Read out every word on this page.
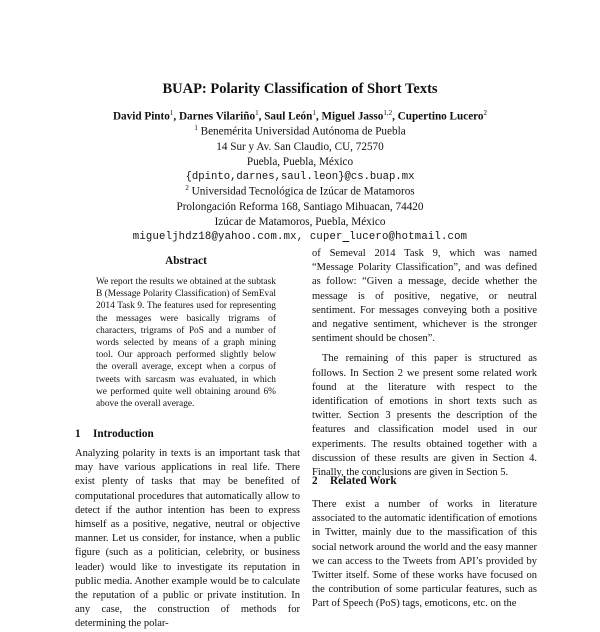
BUAP: Polarity Classification of Short Texts
David Pinto$^1$, Darnes Vilariño$^1$, Saul León$^1$, Miguel Jasso$^{1,2}$, Cupertino Lucero$^2$
$^1$ Benemérita Universidad Autónoma de Puebla
14 Sur y Av. San Claudio, CU, 72570
Puebla, Puebla, México
{dpinto,darnes,saul.leon}@cs.buap.mx
$^2$ Universidad Tecnológica de Izúcar de Matamoros
Prolongación Reforma 168, Santiago Mihuacan, 74420
Izúcar de Matamoros, Puebla, México
migueljhdz18@yahoo.com.mx, cuper lucero@hotmail.com
Abstract
We report the results we obtained at the subtask B (Message Polarity Classification) of SemEval 2014 Task 9. The features used for representing the messages were basically trigrams of characters, trigrams of PoS and a number of words selected by means of a graph mining tool. Our approach performed slightly below the overall average, except when a corpus of tweets with sarcasm was evaluated, in which we performed quite well obtaining around 6% above the overall average.
1 Introduction

Analyzing polarity in texts is an important task that may have various applications in real life. There exist plenty of tasks that may be benefited of computational procedures that automatically allow to detect if the author intention has been to express himself as a positive, negative, neutral or objective manner. Let us consider, for instance, when a public figure (such as a politician, celebrity, or business leader) would like to investigate its reputation in public media. Another example would be to calculate the reputation of a public or private institution. In any case, the construction of methods for determining the polar-

of Semeval 2014 Task 9, which was named “Message Polarity Classification”, and was defined as follow: “Given a message, decide whether the message is of positive, negative, or neutral sentiment. For messages conveying both a positive and negative sentiment, whichever is the stronger sentiment should be chosen”.

The remaining of this paper is structured as follows. In Section 2 we present some related work found at the literature with respect to the identification of emotions in short texts such as twitter. Section 3 presents the description of the features and classification model used in our experiments. The results obtained together with a discussion of these results are given in Section 4. Finally, the conclusions are given in Section 5.

2 Related Work

There exist a number of works in literature associated to the automatic identification of emotions in Twitter, mainly due to the massification of this social network around the world and the easy manner we can access to the Tweets from API’s provided by Twitter itself. Some of these works have focused on the contribution of some particular features, such as Part of Speech (PoS) tags, emoticons, etc. on the
